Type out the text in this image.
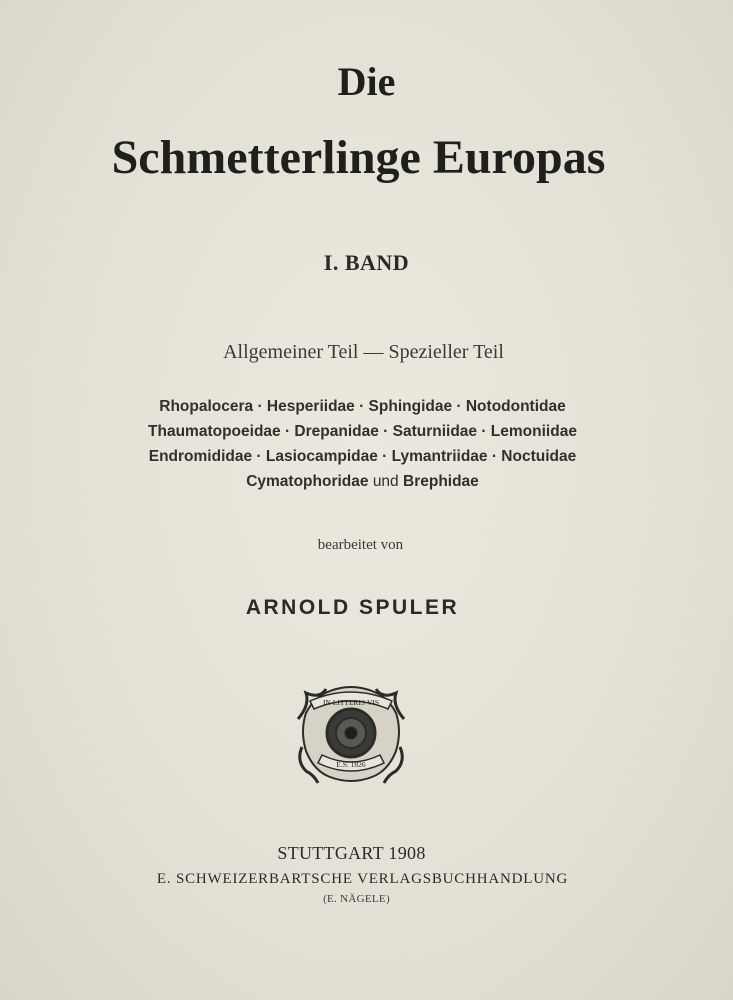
Die
Schmetterlinge Europas
I. BAND
Allgemeiner Teil — Spezieller Teil
Rhopalocera · Hesperiidae · Sphingidae · Notodontidae
Thaumatopoeidae · Drepanidae · Saturniidae · Lemoniidae
Endromididae · Lasiocampidae · Lymantriidae · Noctuidae
Cymatophoridae und Brephidae
bearbeitet von
ARNOLD SPULER
IN LITTERIS VIS
E.S. 1826
STUTTGART 1908
E. SCHWEIZERBARTSCHE VERLAGSBUCHHANDLUNG
(E. NÄGELE)
